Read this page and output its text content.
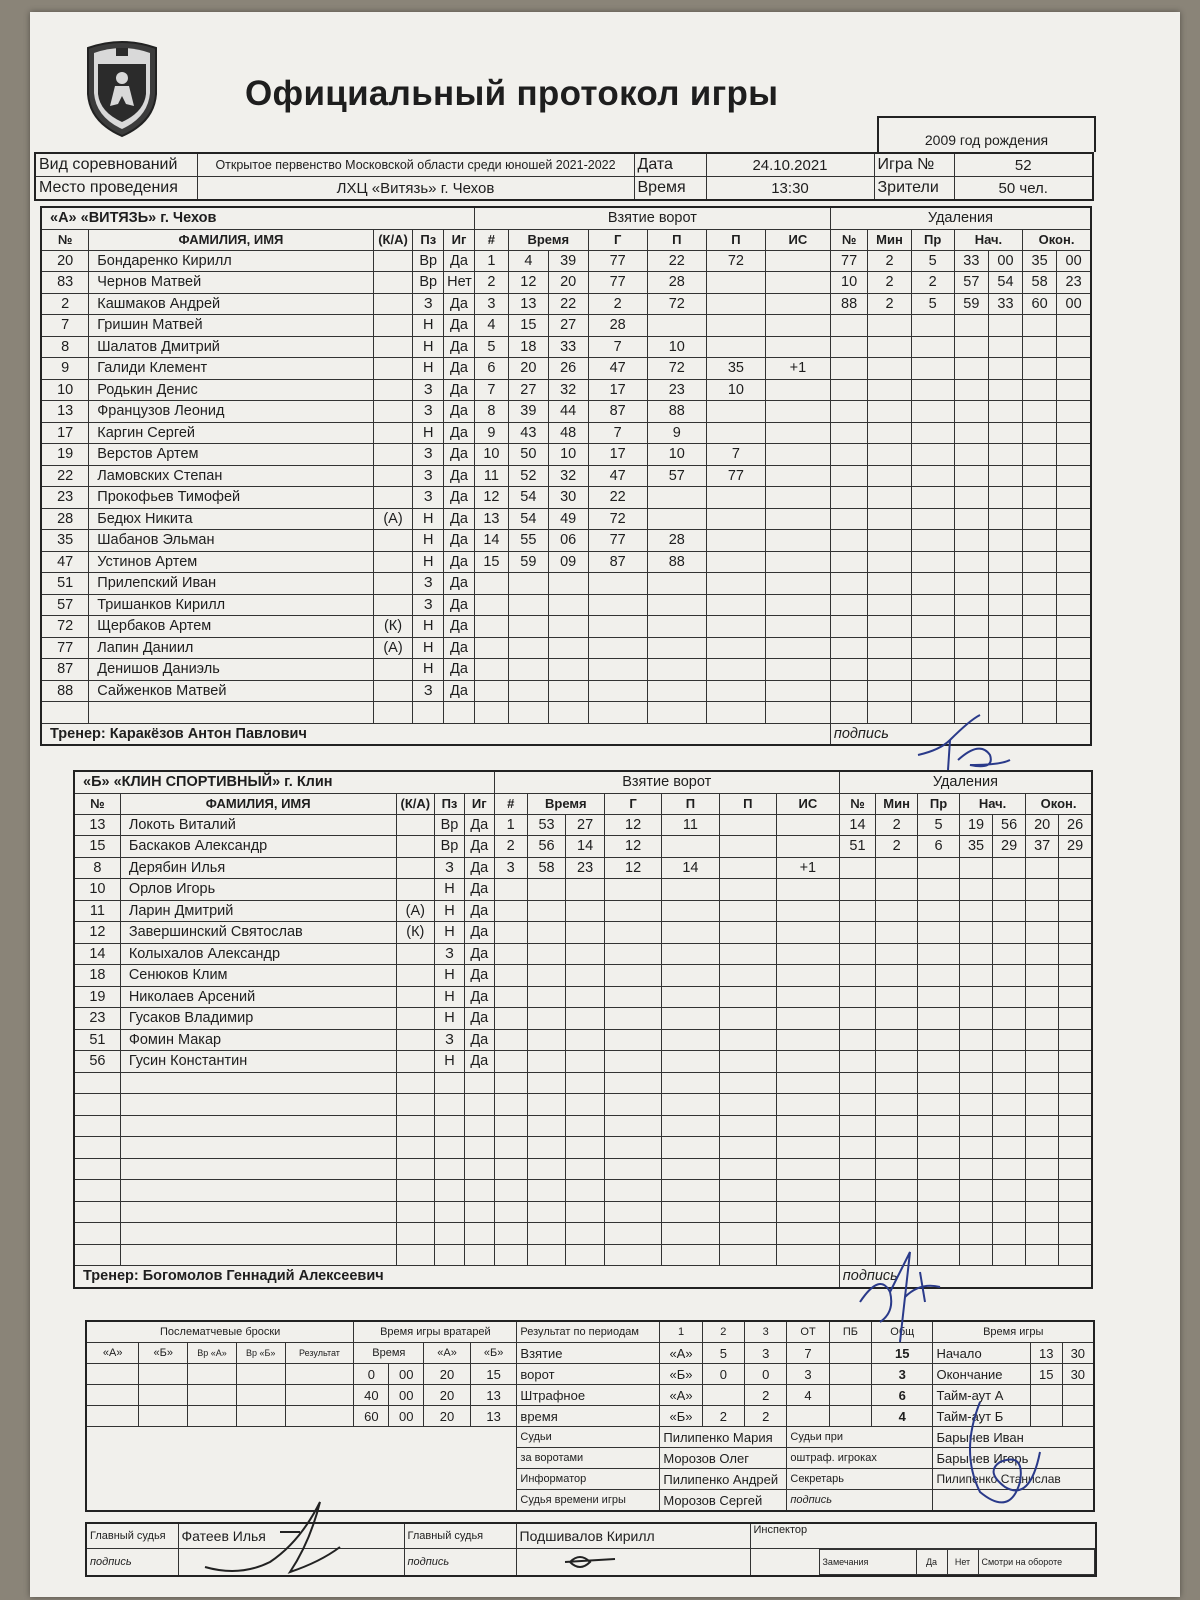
Официальный протокол игры
2009 год рождения
Вид соревнований	Открытое первенство Московской области среди юношей 2021-2022	Дата	24.10.2021	Игра №	52
Место проведения	ЛХЦ «Витязь» г. Чехов	Время	13:30	Зрители	50 чел.
«А» «ВИТЯЗЬ» г. Чехов					Взятие ворот							Удаления						
№	ФАМИЛИЯ, ИМЯ	(К/А)	Пз	Иг	#	Время		Г	П	П	ИС	№	Мин	Пр	Нач.		Окон.	
20	Бондаренко Кирилл		Вр	Да	1	4	39	77	22	72		77	2	5	33	00	35	00
83	Чернов Матвей		Вр	Нет	2	12	20	77	28			10	2	2	57	54	58	23
2	Кашмаков Андрей		З	Да	3	13	22	2	72			88	2	5	59	33	60	00
7	Гришин Матвей		Н	Да	4	15	27	28										
8	Шалатов Дмитрий		Н	Да	5	18	33	7	10									
9	Галиди Клемент		Н	Да	6	20	26	47	72	35	+1							
10	Родькин Денис		З	Да	7	27	32	17	23	10								
13	Французов Леонид		З	Да	8	39	44	87	88									
17	Каргин Сергей		Н	Да	9	43	48	7	9									
19	Верстов Артем		З	Да	10	50	10	17	10	7								
22	Ламовских Степан		З	Да	11	52	32	47	57	77								
23	Прокофьев Тимофей		З	Да	12	54	30	22										
28	Бедюх Никита	(А)	Н	Да	13	54	49	72										
35	Шабанов Эльман		Н	Да	14	55	06	77	28									
47	Устинов Артем		Н	Да	15	59	09	87	88									
51	Прилепский Иван		З	Да														
57	Тришанков Кирилл		З	Да														
72	Щербаков Артем	(К)	Н	Да														
77	Лапин Даниил	(А)	Н	Да														
87	Денишов Даниэль		Н	Да														
88	Сайженков Матвей		З	Да														

Тренер: Каракёзов Антон Павлович												подпись						
«Б» «КЛИН СПОРТИВНЫЙ» г. Клин					Взятие ворот							Удаления						
№	ФАМИЛИЯ, ИМЯ	(К/А)	Пз	Иг	#	Время		Г	П	П	ИС	№	Мин	Пр	Нач.		Окон.	
13	Локоть Виталий		Вр	Да	1	53	27	12	11			14	2	5	19	56	20	26
15	Баскаков Александр		Вр	Да	2	56	14	12				51	2	6	35	29	37	29
8	Дерябин Илья		З	Да	3	58	23	12	14		+1							
10	Орлов Игорь		Н	Да														
11	Ларин Дмитрий	(А)	Н	Да														
12	Завершинский Святослав	(К)	Н	Да														
14	Колыхалов Александр		З	Да														
18	Сенюков Клим		Н	Да														
19	Николаев Арсений		Н	Да														
23	Гусаков Владимир		Н	Да														
51	Фомин Макар		З	Да														
56	Гусин Константин		Н	Да														

Тренер: Богомолов Геннадий Алексеевич												подпись						
Послематчевые броски					Время игры вратарей				Результат по периодам	1	2	3	ОТ	ПБ	Общ	Время игры		
«А»	«Б»	Вр «А»	Вр «Б»	Результат	Время		«А»	«Б»	Взятие	«А»	5	3	7		15	Начало	13	30
					0	00	20	15	ворот	«Б»	0	0	3		3	Окончание	15	30
					40	00	20	13	Штрафное	«А»		2	4		6	Тайм-аут А		
					60	00	20	13	время	«Б»	2	2			4	Тайм-аут Б		
									Судьи	Пилипенко Мария			Судьи при			Барычев Иван		
									за воротами	Морозов Олег			оштраф. игроках			Барычев Игорь		
									Информатор	Пилипенко Андрей			Секретарь			Пилипенко Станислав		
									Судья времени игры	Морозов Сергей			подпись					
Главный судья	Фатеев Илья	Главный судья	Подшивалов Кирилл	Инспектор
подпись		подпись			Замечания	Да	Нет	Смотри на обороте
